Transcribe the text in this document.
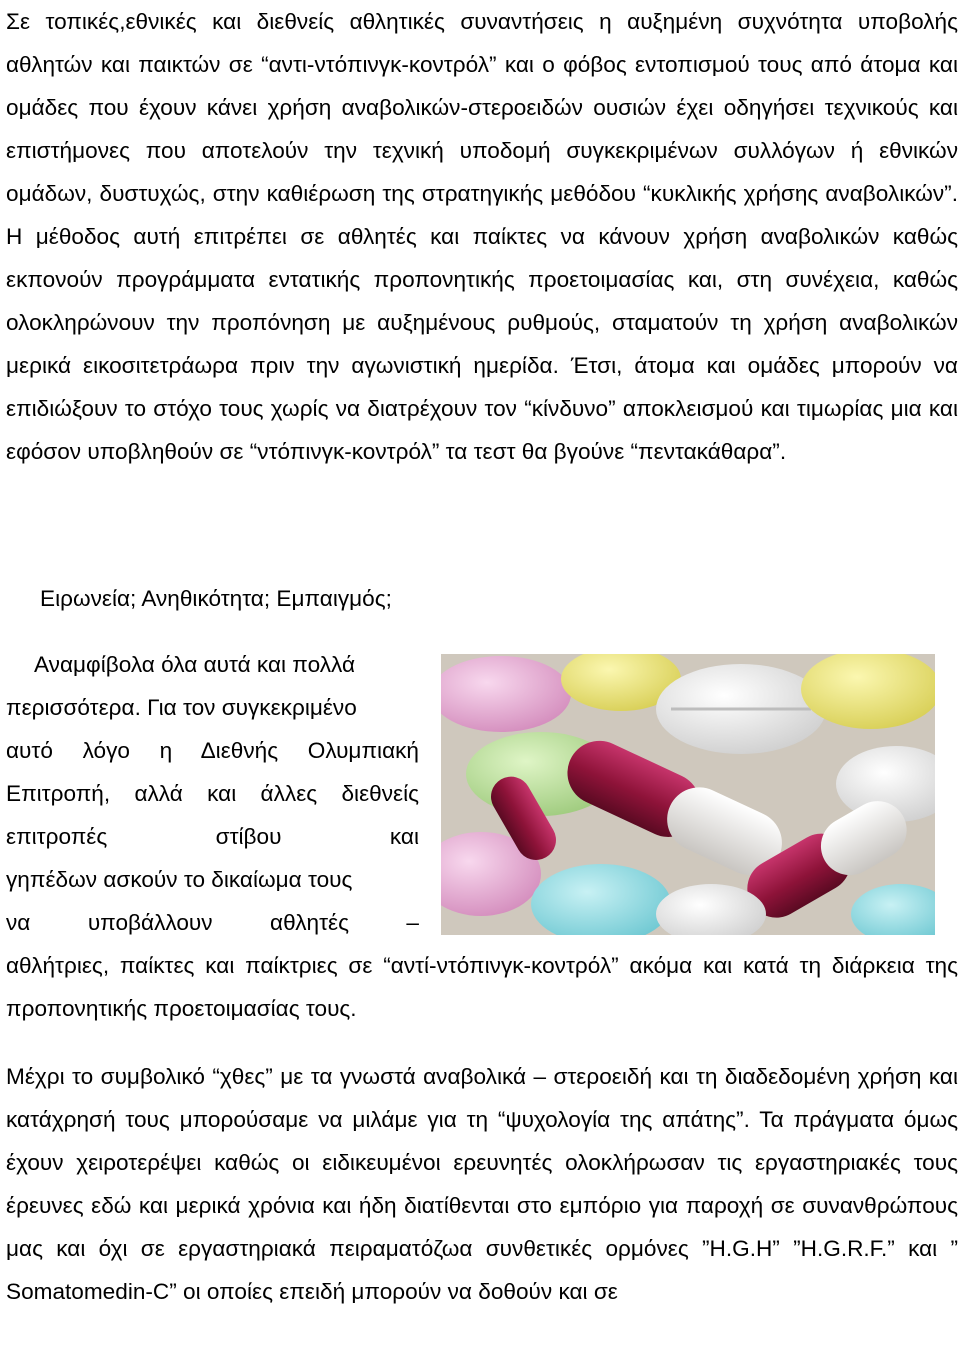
Σε τοπικές,εθνικές και διεθνείς αθλητικές συναντήσεις η αυξημένη συχνότητα υποβολής αθλητών και παικτών σε “αντι-ντόπινγκ-κοντρόλ” και ο φόβος εντοπισμού τους από άτομα και ομάδες που έχουν κάνει χρήση αναβολικών-στεροειδών ουσιών έχει οδηγήσει τεχνικούς και επιστήμονες που αποτελούν την τεχνική υποδομή συγκεκριμένων συλλόγων ή εθνικών ομάδων, δυστυχώς, στην καθιέρωση της στρατηγικής μεθόδου “κυκλικής χρήσης αναβολικών”. Η μέθοδος αυτή επιτρέπει σε αθλητές και παίκτες να κάνουν χρήση αναβολικών καθώς εκπονούν προγράμματα εντατικής προπονητικής προετοιμασίας και, στη συνέχεια, καθώς ολοκληρώνουν την προπόνηση με αυξημένους ρυθμούς, σταματούν τη χρήση αναβολικών μερικά εικοσιτετράωρα πριν την αγωνιστική ημερίδα. Έτσι, άτομα και ομάδες μπορούν να επιδιώξουν το στόχο τους χωρίς να διατρέχουν τον “κίνδυνο” αποκλεισμού και τιμωρίας μια και εφόσον υποβληθούν σε “ντόπινγκ-κοντρόλ” τα τεστ θα βγούνε “πεντακάθαρα”.

Ειρωνεία; Ανηθικότητα; Εμπαιγμός;

Αναμφίβολα όλα αυτά και πολλά

περισσότερα. Για τον συγκεκριμένο

αυτό λόγο η Διεθνής Ολυμπιακή

Επιτροπή, αλλά και άλλες διεθνείς

επιτροπές στίβου και

γηπέδων ασκούν το δικαίωμα τους

να υποβάλλουν αθλητές –

αθλήτριες, παίκτες και παίκτριες σε “αντί-ντόπινγκ-κοντρόλ” ακόμα και κατά τη διάρκεια της προπονητικής προετοιμασίας τους.

Μέχρι το συμβολικό “χθες” με τα γνωστά αναβολικά – στεροειδή και τη διαδεδομένη χρήση και κατάχρησή τους μπορούσαμε να μιλάμε για τη “ψυχολογία της απάτης”. Τα πράγματα όμως έχουν χειροτερέψει καθώς οι ειδικευμένοι ερευνητές ολοκλήρωσαν τις εργαστηριακές τους έρευνες εδώ και μερικά χρόνια και ήδη διατίθενται στο εμπόριο για παροχή σε συνανθρώπους μας και όχι σε εργαστηριακά πειραματόζωα συνθετικές ορμόνες ”H.G.H” ”H.G.R.F.” και ” Somatomedin-C” οι οποίες επειδή μπορούν να δοθούν και σε
